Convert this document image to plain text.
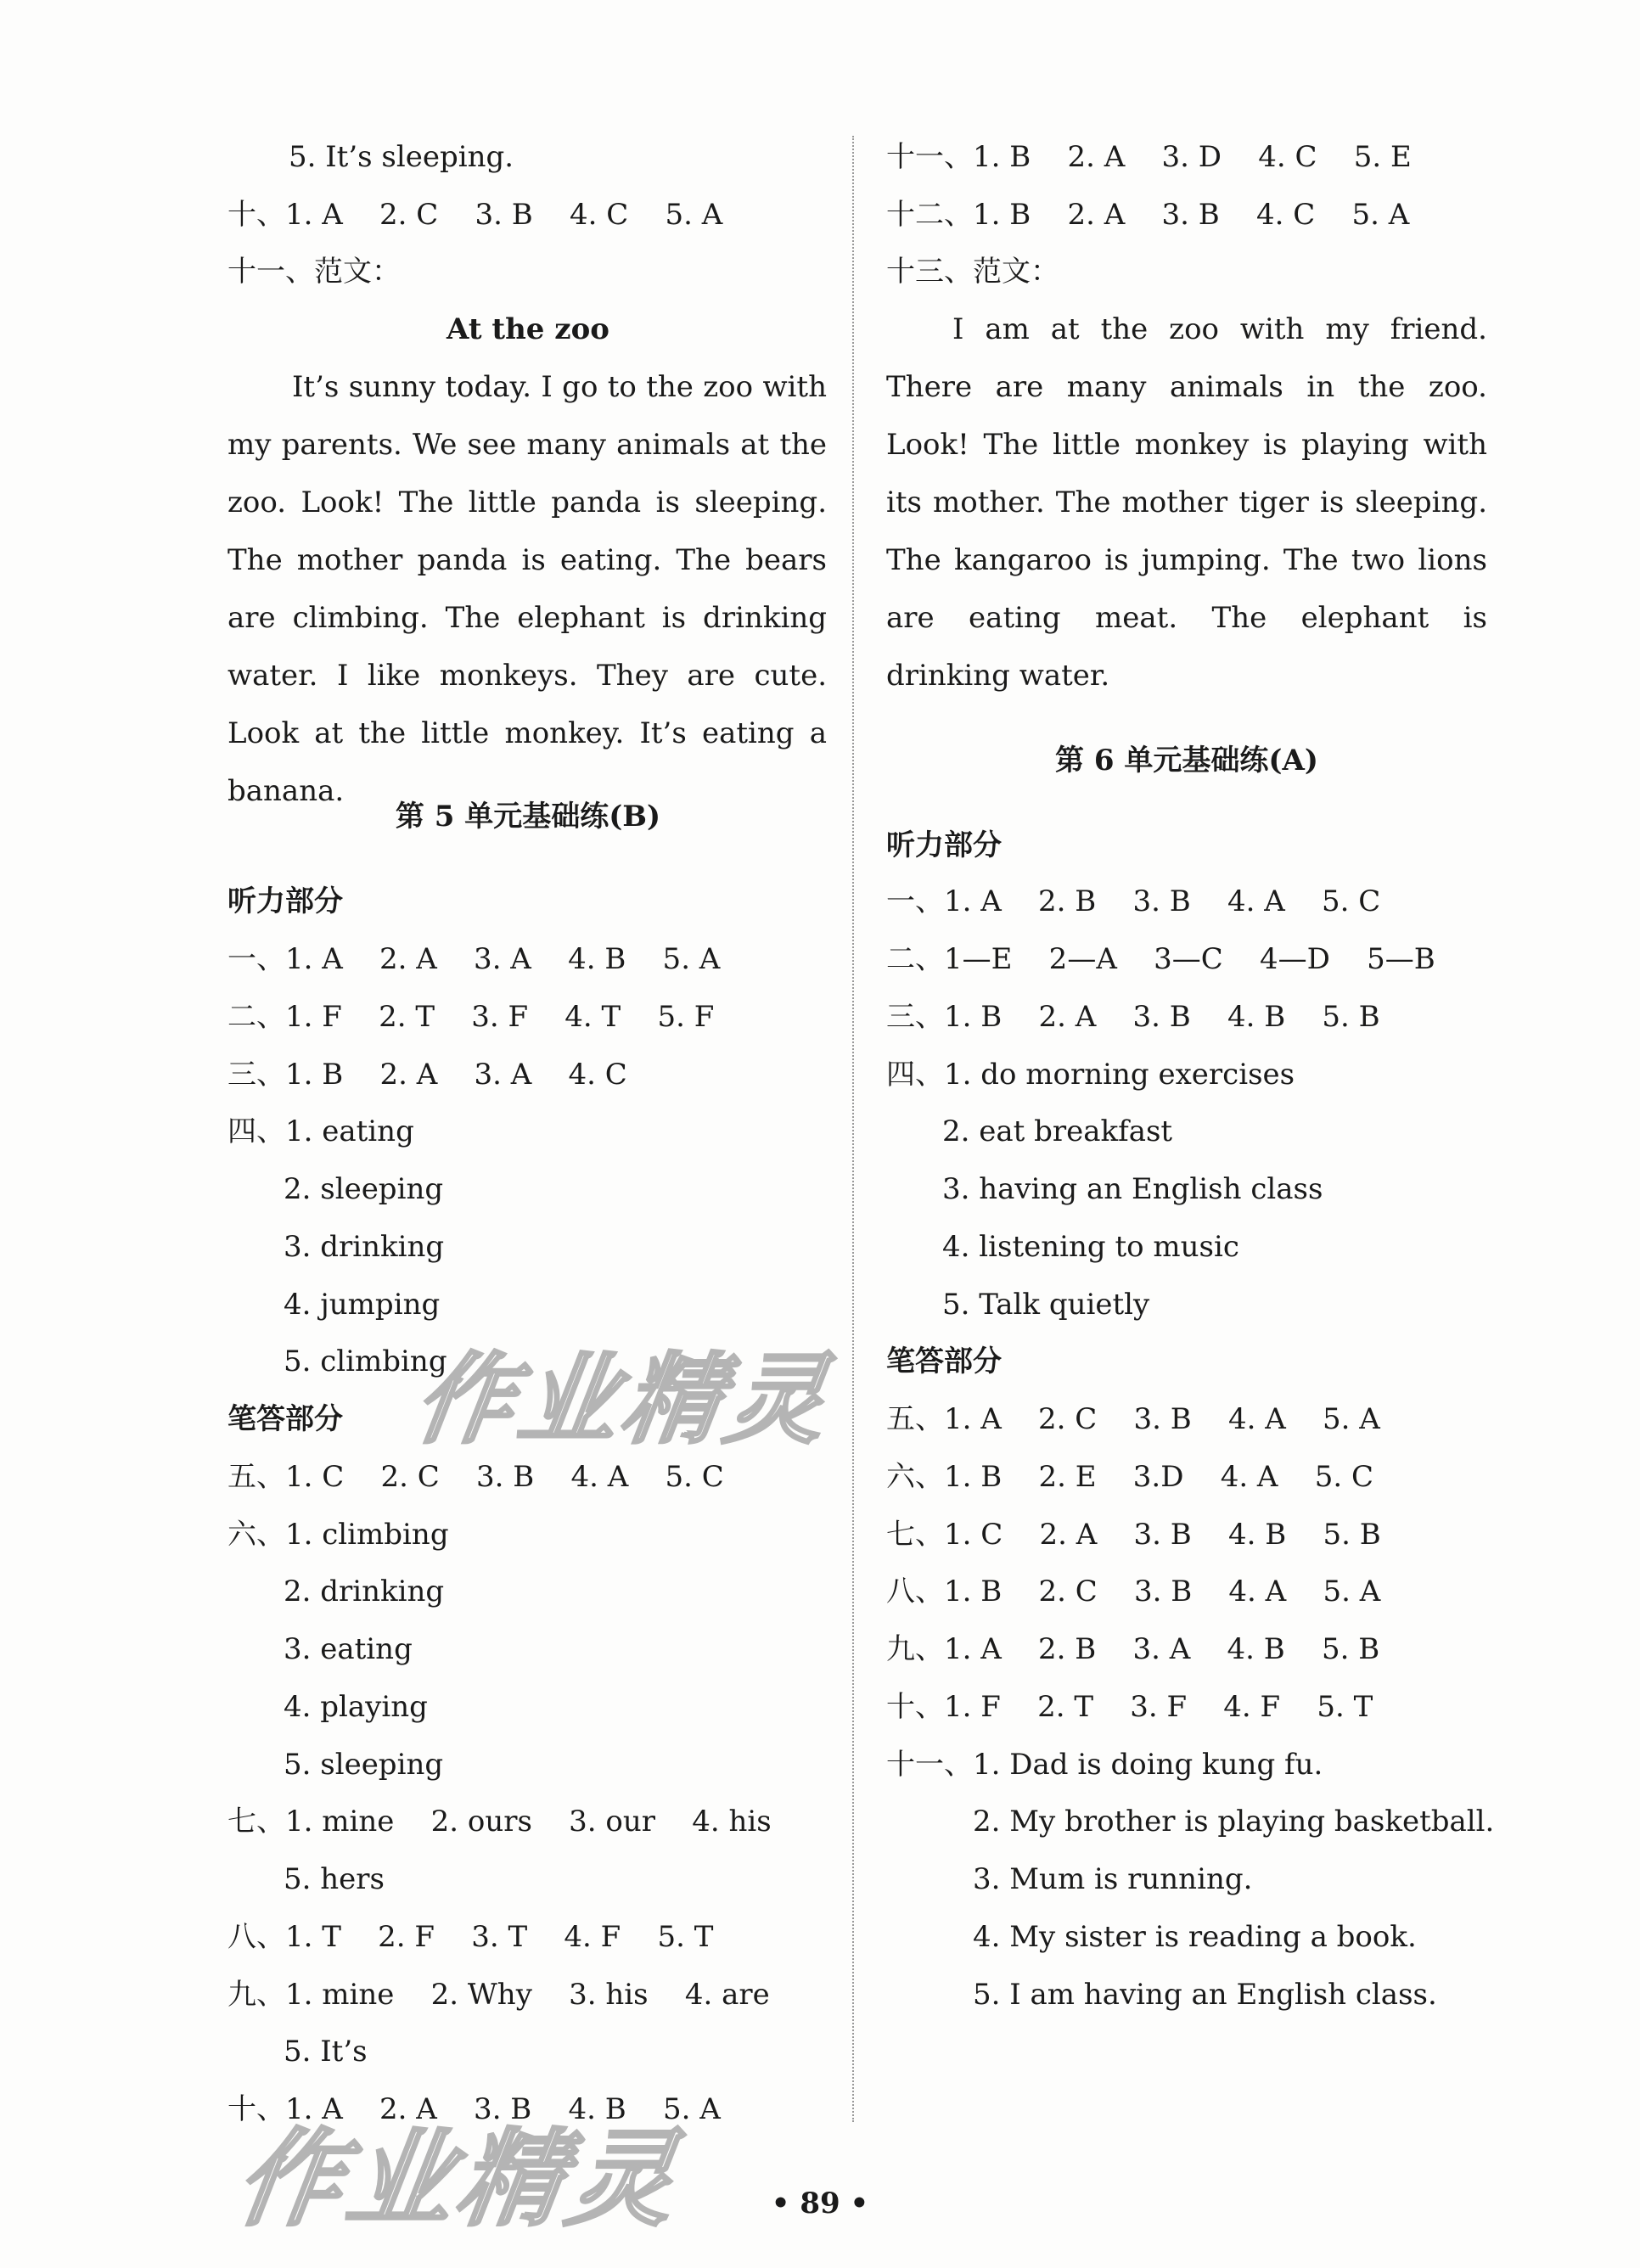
5. It’s sleeping.
十、1. A    2. C    3. B    4. C    5. A
十一、范文：
At the zoo
It’s sunny today. I go to the zoo with my parents. We see many animals at the zoo. Look! The little panda is sleeping. The mother panda is eating. The bears are climbing. The elephant is drinking water. I like monkeys. They are cute. Look at the little monkey. It’s eating a banana.
第 5 单元基础练(B)
听力部分
一、1. A    2. A    3. A    4. B    5. A
二、1. F    2. T    3. F    4. T    5. F
三、1. B    2. A    3. A    4. C
四、1. eating
2. sleeping
3. drinking
4. jumping
5. climbing
笔答部分
五、1. C    2. C    3. B    4. A    5. C
六、1. climbing
2. drinking
3. eating
4. playing
5. sleeping
七、1. mine    2. ours    3. our    4. his
5. hers
八、1. T    2. F    3. T    4. F    5. T
九、1. mine    2. Why    3. his    4. are
5. It’s
十、1. A    2. A    3. B    4. B    5. A
十一、1. B    2. A    3. D    4. C    5. E
十二、1. B    2. A    3. B    4. C    5. A
十三、范文：
I am at the zoo with my friend. There are many animals in the zoo. Look! The little monkey is playing with its mother. The mother tiger is sleeping. The kangaroo is jumping. The two lions are eating meat. The elephant is drinking water.
第 6 单元基础练(A)
听力部分
一、1. A    2. B    3. B    4. A    5. C
二、1—E    2—A    3—C    4—D    5—B
三、1. B    2. A    3. B    4. B    5. B
四、1. do morning exercises
2. eat breakfast
3. having an English class
4. listening to music
5. Talk quietly
笔答部分
五、1. A    2. C    3. B    4. A    5. A
六、1. B    2. E    3.D    4. A    5. C
七、1. C    2. A    3. B    4. B    5. B
八、1. B    2. C    3. B    4. A    5. A
九、1. A    2. B    3. A    4. B    5. B
十、1. F    2. T    3. F    4. F    5. T
十一、1. Dad is doing kung fu.
2. My brother is playing basketball.
3. Mum is running.
4. My sister is reading a book.
5. I am having an English class.
• 89 •
作业精灵
作业精灵
